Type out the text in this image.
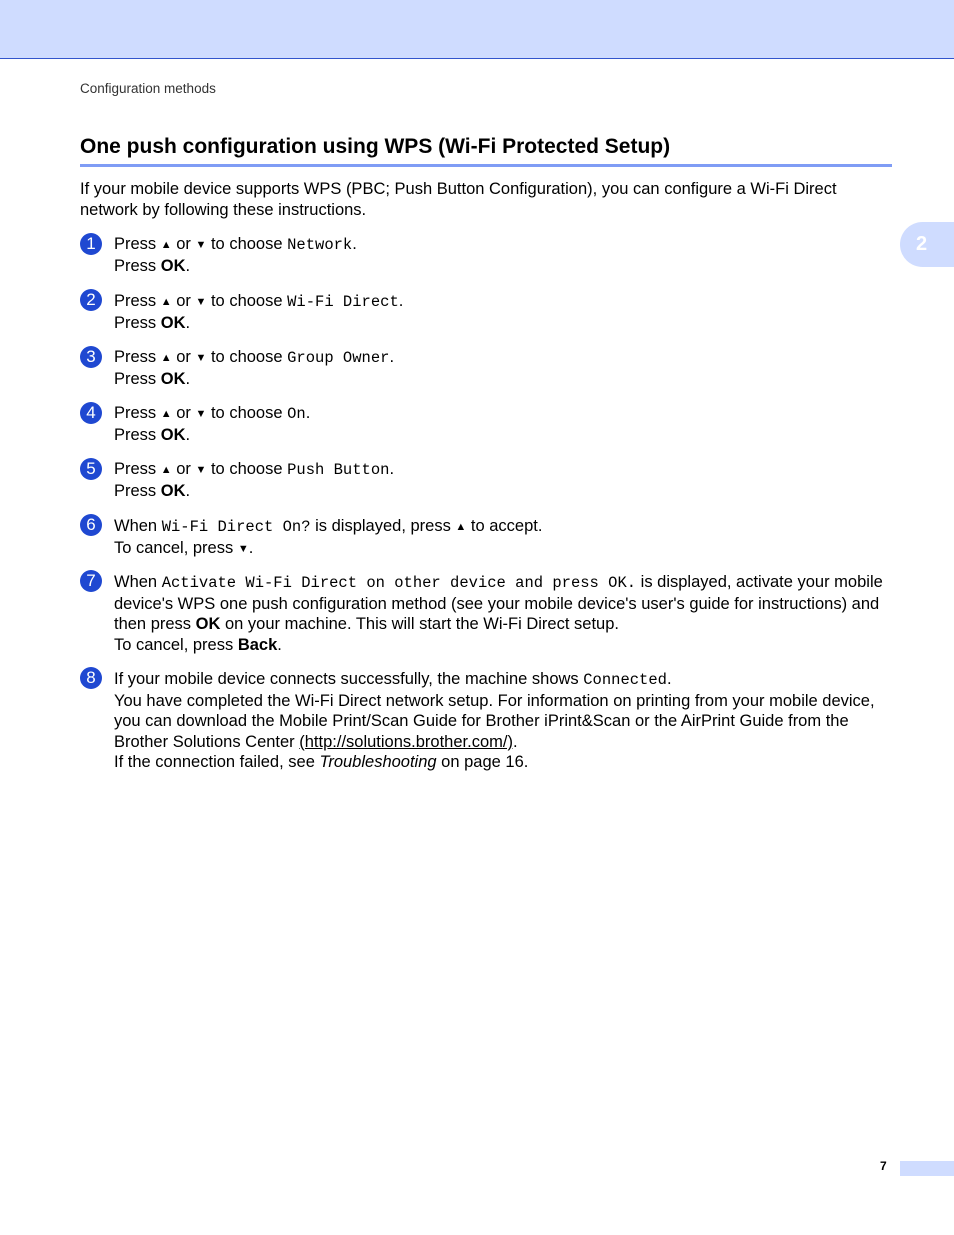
Configuration methods
2
One push configuration using WPS (Wi-Fi Protected Setup)

If your mobile device supports WPS (PBC; Push Button Configuration), you can configure a Wi-Fi Direct network by following these instructions.

1	Press ▲ or ▼ to choose Network.
Press OK.
2	Press ▲ or ▼ to choose Wi-Fi Direct.
Press OK.
3	Press ▲ or ▼ to choose Group Owner.
Press OK.
4	Press ▲ or ▼ to choose On.
Press OK.
5	Press ▲ or ▼ to choose Push Button.
Press OK.
6	When Wi-Fi Direct On? is displayed, press ▲ to accept.
To cancel, press ▼.
7	When Activate Wi-Fi Direct on other device and press OK. is displayed, activate your mobile device's WPS one push configuration method (see your mobile device's user's guide for instructions) and then press OK on your machine. This will start the Wi-Fi Direct setup.
To cancel, press Back.
8	If your mobile device connects successfully, the machine shows Connected.
You have completed the Wi-Fi Direct network setup. For information on printing from your mobile device, you can download the Mobile Print/Scan Guide for Brother iPrint&Scan or the AirPrint Guide from the Brother Solutions Center (http://solutions.brother.com/).
If the connection failed, see Troubleshooting on page 16.
7
